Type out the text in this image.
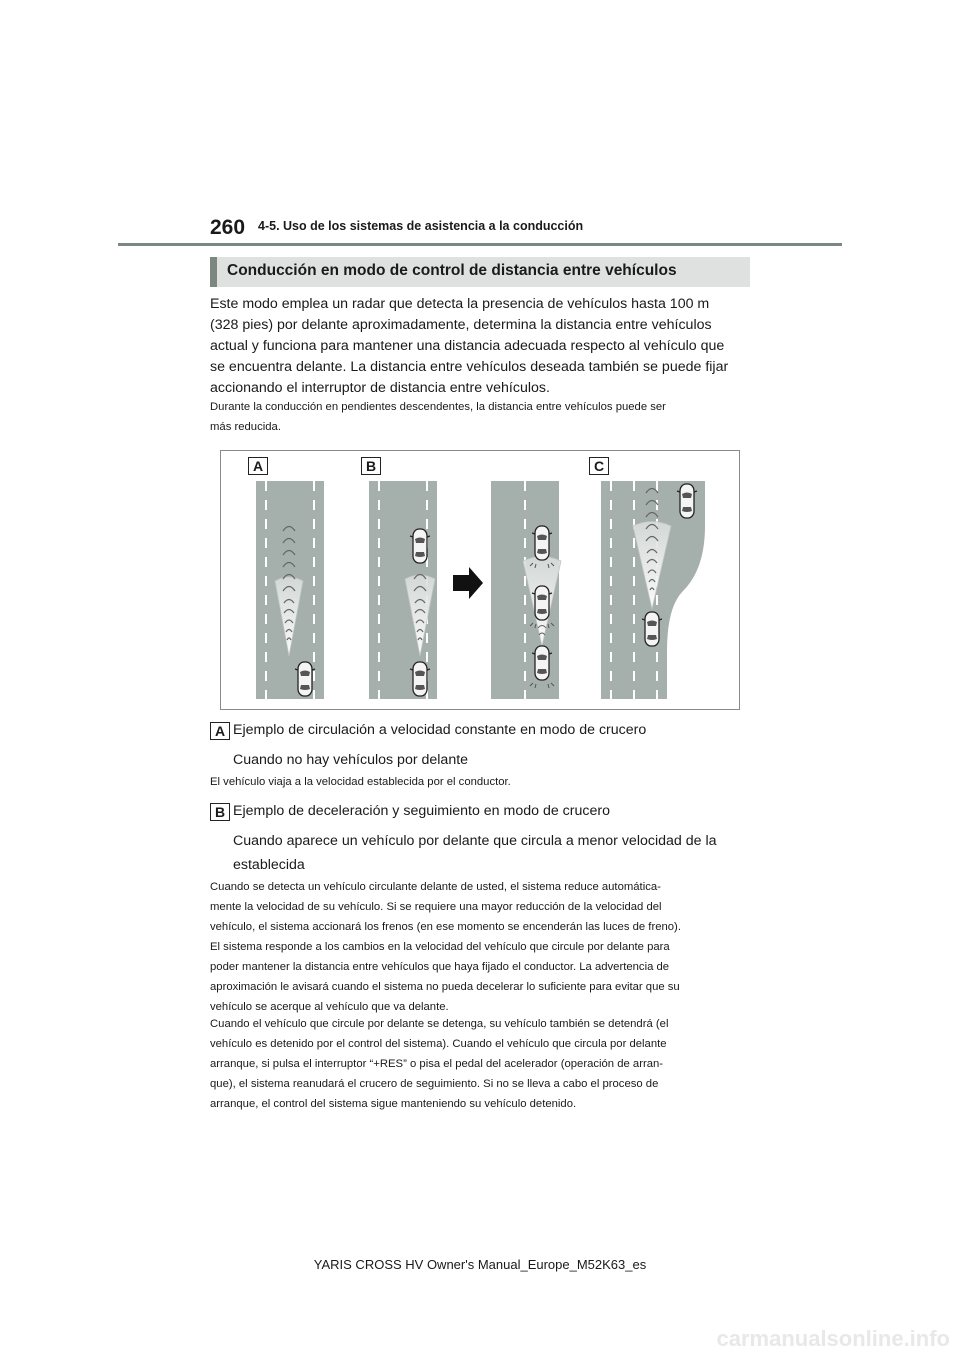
260 4-5. Uso de los sistemas de asistencia a la conducción
Conducción en modo de control de distancia entre vehículos

Este modo emplea un radar que detecta la presencia de vehículos hasta 100 m
(328 pies) por delante aproximadamente, determina la distancia entre vehículos
actual y funciona para mantener una distancia adecuada respecto al vehículo que
se encuentra delante. La distancia entre vehículos deseada también se puede fijar
accionando el interruptor de distancia entre vehículos.

Durante la conducción en pendientes descendentes, la distancia entre vehículos puede ser
más reducida.

A	B	C
A Ejemplo de circulación a velocidad constante en modo de crucero
Cuando no hay vehículos por delante

El vehículo viaja a la velocidad establecida por el conductor.

B Ejemplo de deceleración y seguimiento en modo de crucero
Cuando aparece un vehículo por delante que circula a menor velocidad de la
establecida

Cuando se detecta un vehículo circulante delante de usted, el sistema reduce automática-
mente la velocidad de su vehículo. Si se requiere una mayor reducción de la velocidad del
vehículo, el sistema accionará los frenos (en ese momento se encenderán las luces de freno).
El sistema responde a los cambios en la velocidad del vehículo que circule por delante para
poder mantener la distancia entre vehículos que haya fijado el conductor. La advertencia de
aproximación le avisará cuando el sistema no pueda decelerar lo suficiente para evitar que su
vehículo se acerque al vehículo que va delante.

Cuando el vehículo que circule por delante se detenga, su vehículo también se detendrá (el
vehículo es detenido por el control del sistema). Cuando el vehículo que circula por delante
arranque, si pulsa el interruptor “+RES” o pisa el pedal del acelerador (operación de arran-
que), el sistema reanudará el crucero de seguimiento. Si no se lleva a cabo el proceso de
arranque, el control del sistema sigue manteniendo su vehículo detenido.

YARIS CROSS HV Owner's Manual_Europe_M52K63_es
carmanualsonline.info
